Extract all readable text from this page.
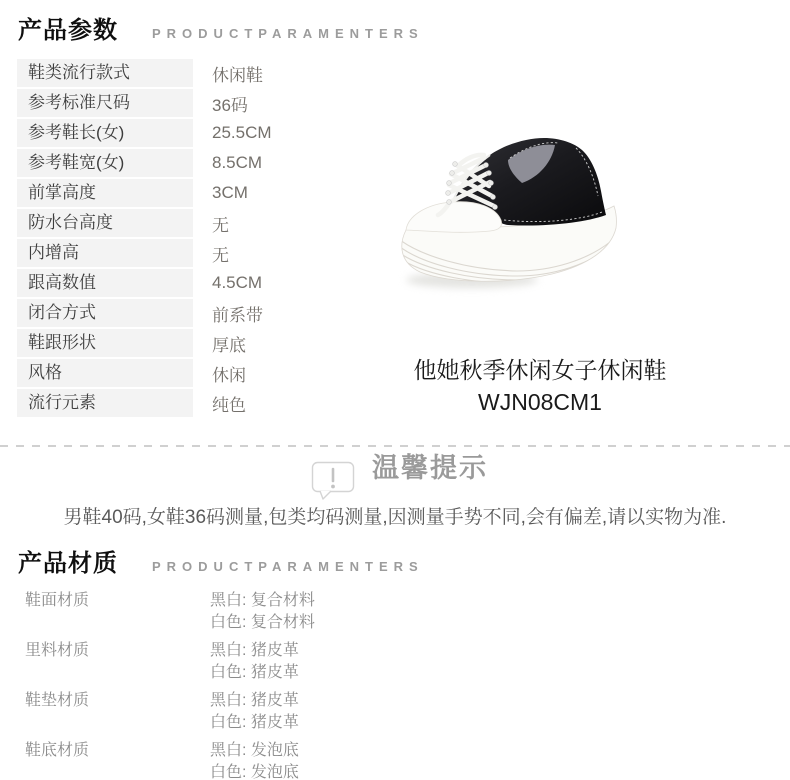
产品参数	PRODUCTPARAMENTERS
鞋类流行款式	休闲鞋
参考标准尺码	36码
参考鞋长(女)	25.5CM
参考鞋宽(女)	8.5CM
前掌高度	3CM
防水台高度	无
内增高	无
跟高数值	4.5CM
闭合方式	前系带
鞋跟形状	厚底
风格	休闲
流行元素	纯色
他她秋季休闲女子休闲鞋
WJN08CM1
温馨提示
男鞋40码,女鞋36码测量,包类均码测量,因测量手势不同,会有偏差,请以实物为准.
产品材质	PRODUCTPARAMENTERS
鞋面材质	黑白: 复合材料
白色: 复合材料
里料材质	黑白: 猪皮革
白色: 猪皮革
鞋垫材质	黑白: 猪皮革
白色: 猪皮革
鞋底材质	黑白: 发泡底
白色: 发泡底
